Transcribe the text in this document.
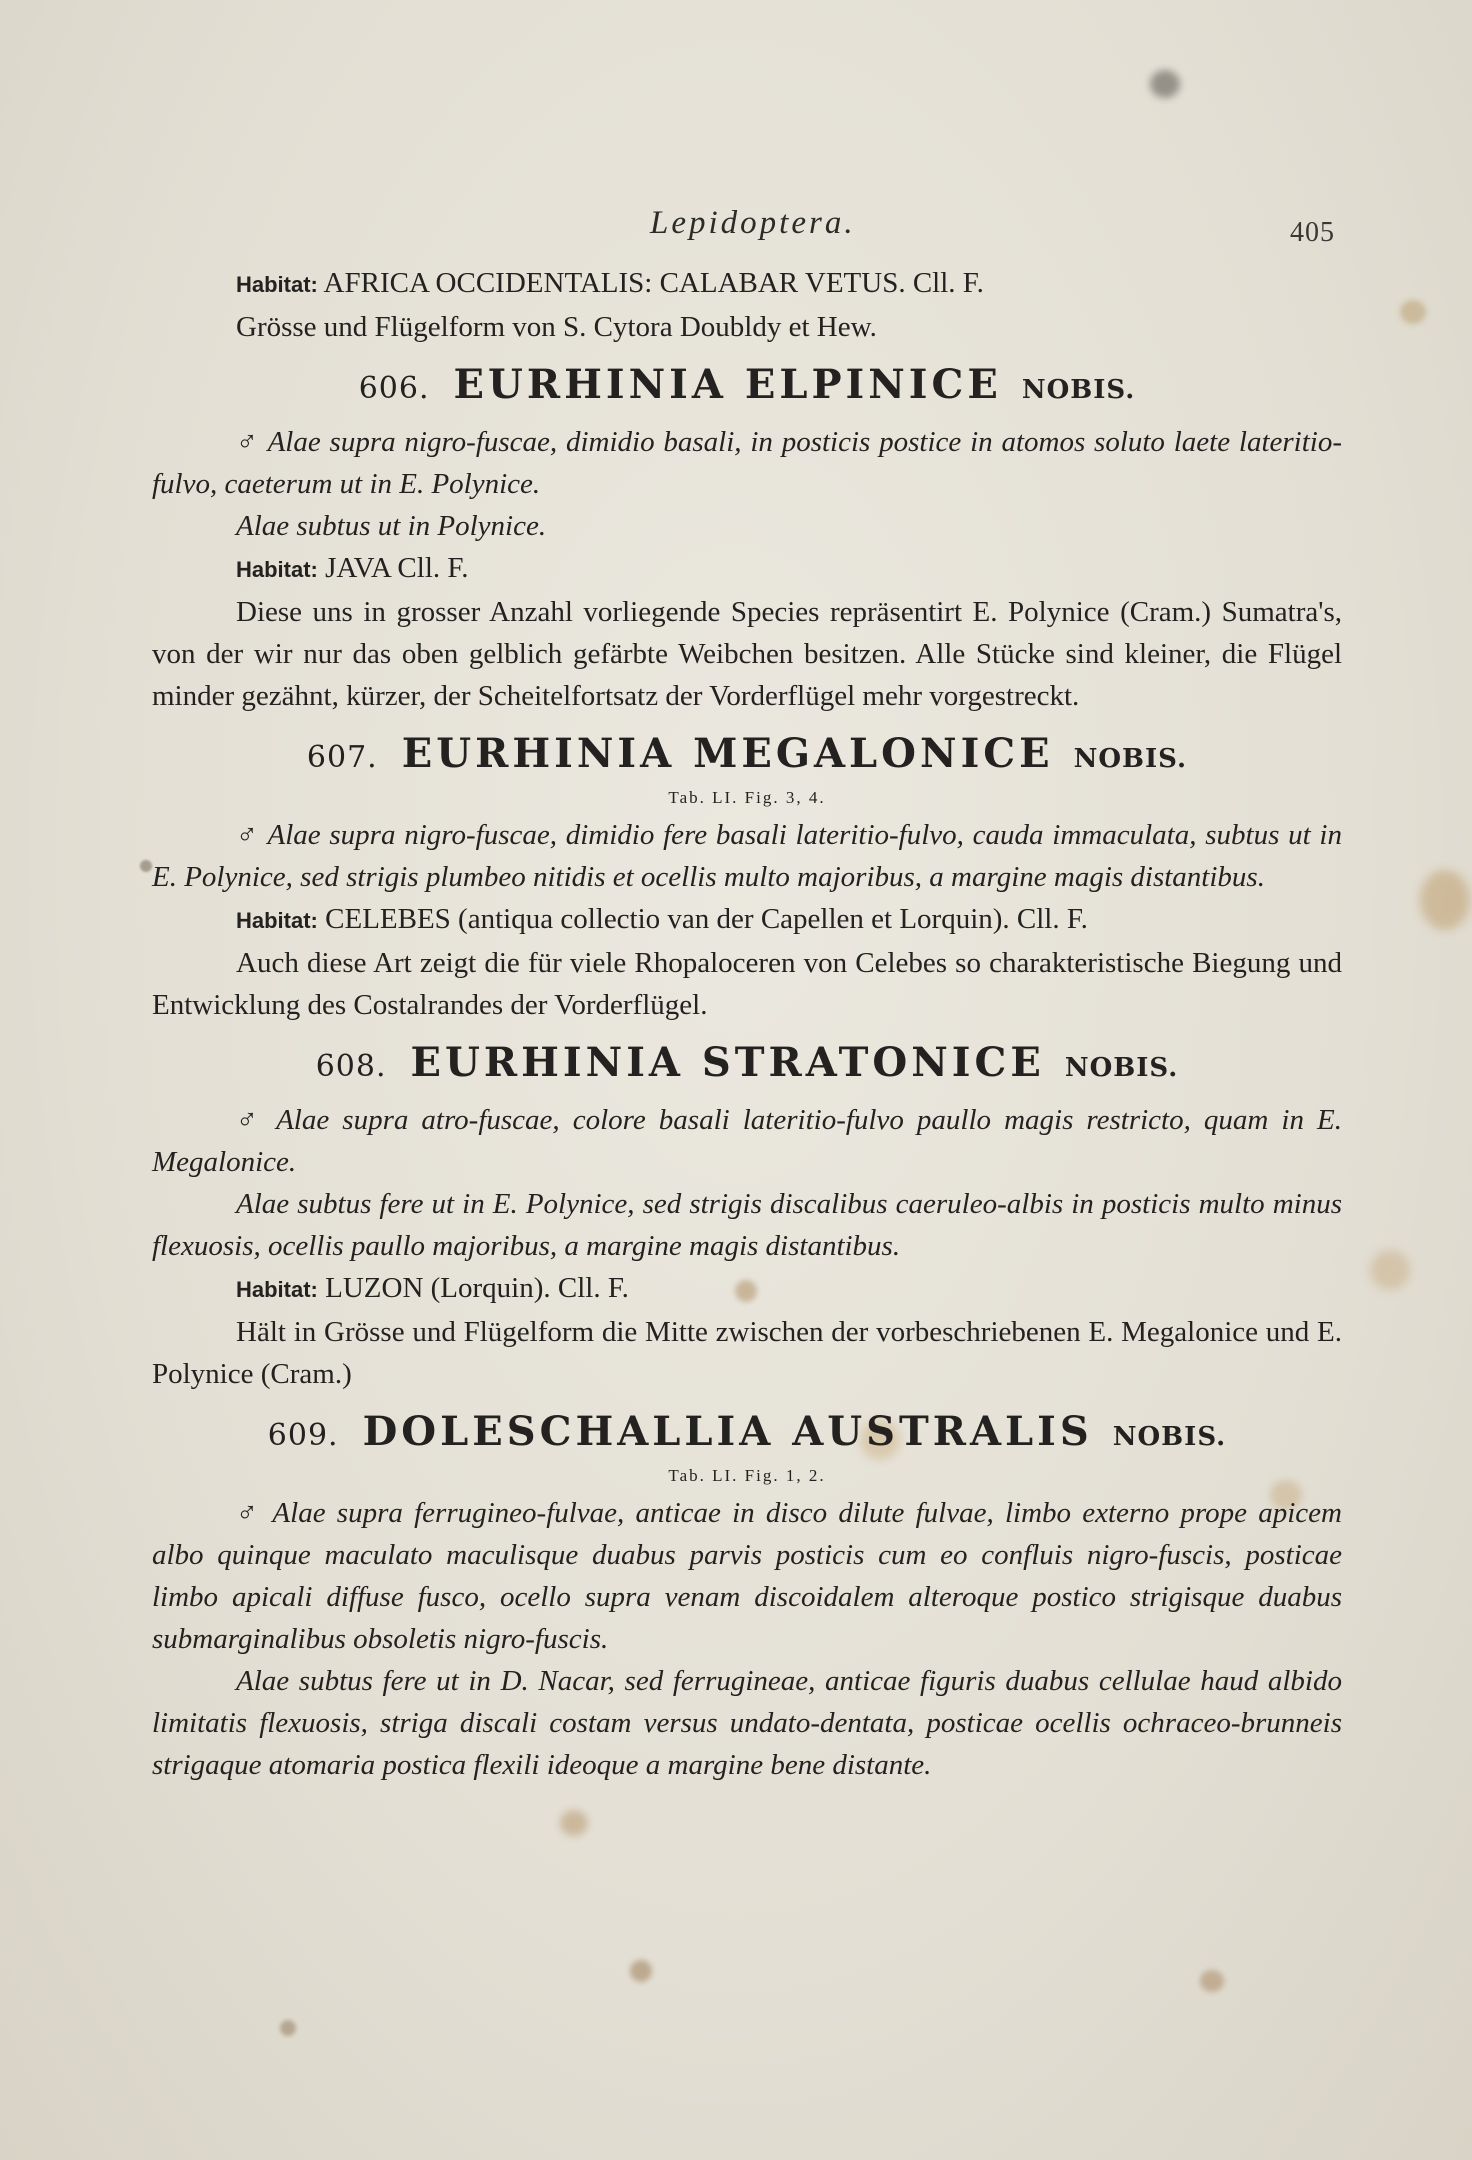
Lepidoptera.	405

Habitat: AFRICA OCCIDENTALIS: CALABAR VETUS. Cll. F.

Grösse und Flügelform von S. Cytora Doubldy et Hew.

606. EURHINIA ELPINICE NOBIS.

♂ Alae supra nigro-fuscae, dimidio basali, in posticis postice in atomos soluto laete lateritio-fulvo, caeterum ut in E. Polynice.

Alae subtus ut in Polynice.

Habitat: JAVA Cll. F.

Diese uns in grosser Anzahl vorliegende Species repräsentirt E. Polynice (Cram.) Sumatra's, von der wir nur das oben gelblich gefärbte Weibchen besitzen. Alle Stücke sind kleiner, die Flügel minder gezähnt, kürzer, der Scheitelfortsatz der Vorderflügel mehr vorgestreckt.

607. EURHINIA MEGALONICE NOBIS.
Tab. LI. Fig. 3, 4.

♂ Alae supra nigro-fuscae, dimidio fere basali lateritio-fulvo, cauda immaculata, subtus ut in E. Polynice, sed strigis plumbeo nitidis et ocellis multo majoribus, a margine magis distantibus.

Habitat: CELEBES (antiqua collectio van der Capellen et Lorquin). Cll. F.

Auch diese Art zeigt die für viele Rhopaloceren von Celebes so charakteristische Biegung und Entwicklung des Costalrandes der Vorderflügel.

608. EURHINIA STRATONICE NOBIS.

♂ Alae supra atro-fuscae, colore basali lateritio-fulvo paullo magis restricto, quam in E. Megalonice.

Alae subtus fere ut in E. Polynice, sed strigis discalibus caeruleo-albis in posticis multo minus flexuosis, ocellis paullo majoribus, a margine magis distantibus.

Habitat: LUZON (Lorquin). Cll. F.

Hält in Grösse und Flügelform die Mitte zwischen der vorbeschriebenen E. Megalonice und E. Polynice (Cram.)

609. DOLESCHALLIA AUSTRALIS NOBIS.
Tab. LI. Fig. 1, 2.

♂ Alae supra ferrugineo-fulvae, anticae in disco dilute fulvae, limbo externo prope apicem albo quinque maculato maculisque duabus parvis posticis cum eo confluis nigro-fuscis, posticae limbo apicali diffuse fusco, ocello supra venam discoidalem alteroque postico strigisque duabus submarginalibus obsoletis nigro-fuscis.

Alae subtus fere ut in D. Nacar, sed ferrugineae, anticae figuris duabus cellulae haud albido limitatis flexuosis, striga discali costam versus undato-dentata, posticae ocellis ochraceo-brunneis strigaque atomaria postica flexili ideoque a margine bene distante.
